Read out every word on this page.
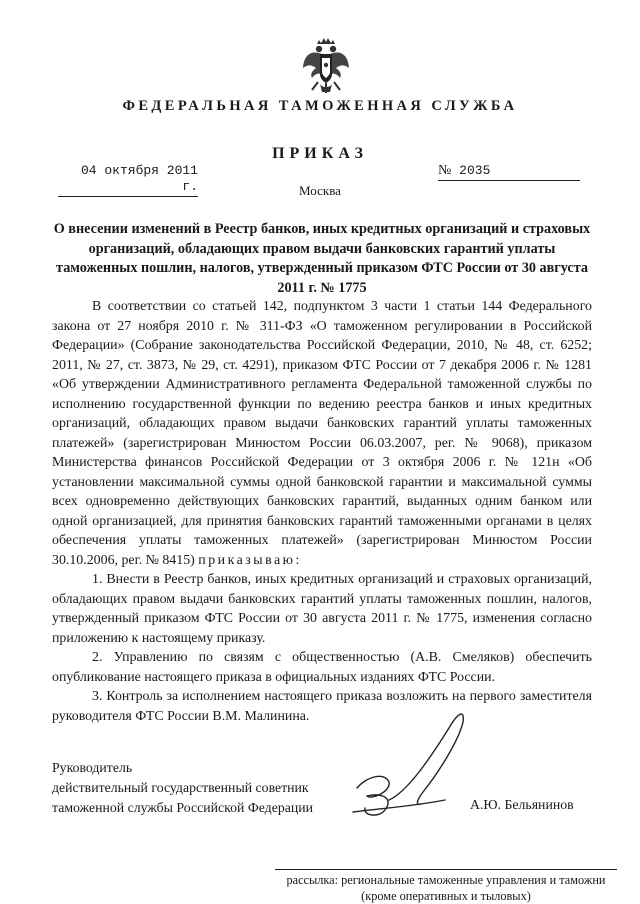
ФЕДЕРАЛЬНАЯ ТАМОЖЕННАЯ СЛУЖБА
ПРИКАЗ
04 октября 2011 г.
№ 2035
Москва
О внесении изменений в Реестр банков, иных кредитных организаций и страховых организаций, обладающих правом выдачи банковских гарантий уплаты таможенных пошлин, налогов, утвержденный приказом ФТС России от 30 августа 2011 г. № 1775

В соответствии со статьей 142, подпунктом 3 части 1 статьи 144 Федерального закона от 27 ноября 2010 г. № 311-ФЗ «О таможенном регулировании в Российской Федерации» (Собрание законодательства Российской Федерации, 2010, № 48, ст. 6252; 2011, № 27, ст. 3873, № 29, ст. 4291), приказом ФТС России от 7 декабря 2006 г. № 1281 «Об утверждении Административного регламента Федеральной таможенной службы по исполнению государственной функции по ведению реестра банков и иных кредитных организаций, обладающих правом выдачи банковских гарантий уплаты таможенных платежей» (зарегистрирован Минюстом России 06.03.2007, рег. № 9068), приказом Министерства финансов Российской Федерации от 3 октября 2006 г. № 121н «Об установлении максимальной суммы одной банковской гарантии и максимальной суммы всех одновременно действующих банковских гарантий, выданных одним банком или одной организацией, для принятия банковских гарантий таможенными органами в целях обеспечения уплаты таможенных платежей» (зарегистрирован Минюстом России 30.10.2006, рег. № 8415) приказываю:

1. Внести в Реестр банков, иных кредитных организаций и страховых организаций, обладающих правом выдачи банковских гарантий уплаты таможенных пошлин, налогов, утвержденный приказом ФТС России от 30 августа 2011 г. № 1775, изменения согласно приложению к настоящему приказу.

2. Управлению по связям с общественностью (А.В. Смеляков) обеспечить опубликование настоящего приказа в официальных изданиях ФТС России.

3. Контроль за исполнением настоящего приказа возложить на первого заместителя руководителя ФТС России В.М. Малинина.

Руководитель
действительный государственный советник
таможенной службы Российской Федерации	А.Ю. Бельянинов
рассылка: региональные таможенные управления и таможни
(кроме оперативных и тыловых)
